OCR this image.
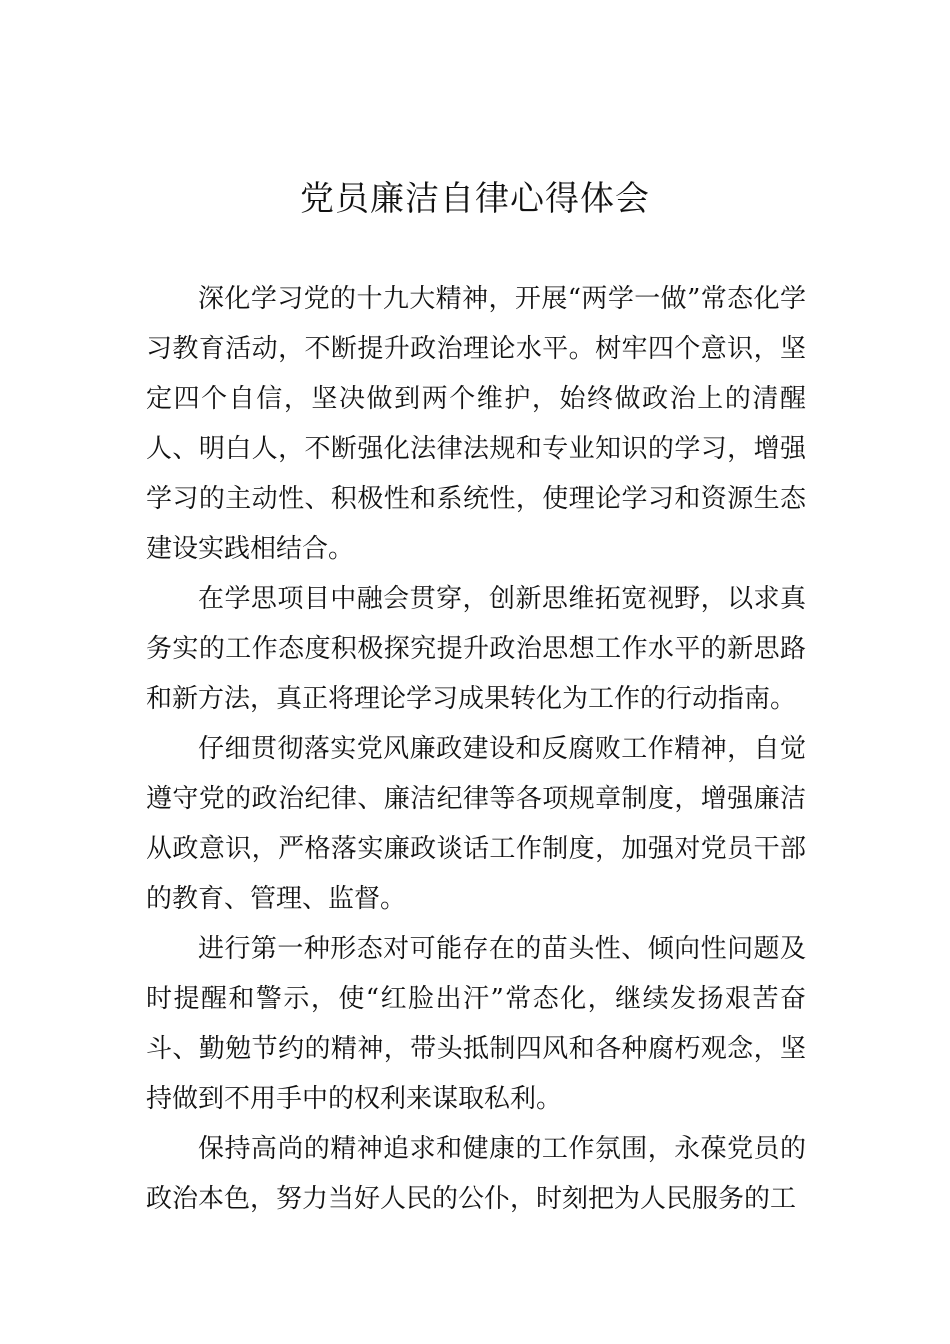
党员廉洁自律心得体会

深化学习党的十九大精神，开展“两学一做”常态化学习教育活动，不断提升政治理论水平。树牢四个意识，坚定四个自信，坚决做到两个维护，始终做政治上的清醒人、明白人，不断强化法律法规和专业知识的学习，增强学习的主动性、积极性和系统性，使理论学习和资源生态建设实践相结合。

在学思项目中融会贯穿，创新思维拓宽视野，以求真务实的工作态度积极探究提升政治思想工作水平的新思路和新方法，真正将理论学习成果转化为工作的行动指南。

仔细贯彻落实党风廉政建设和反腐败工作精神，自觉遵守党的政治纪律、廉洁纪律等各项规章制度，增强廉洁从政意识，严格落实廉政谈话工作制度，加强对党员干部的教育、管理、监督。

进行第一种形态对可能存在的苗头性、倾向性问题及时提醒和警示，使“红脸出汗”常态化，继续发扬艰苦奋斗、勤勉节约的精神，带头抵制四风和各种腐朽观念，坚持做到不用手中的权利来谋取私利。

保持高尚的精神追求和健康的工作氛围，永葆党员的政治本色，努力当好人民的公仆，时刻把为人民服务的工
